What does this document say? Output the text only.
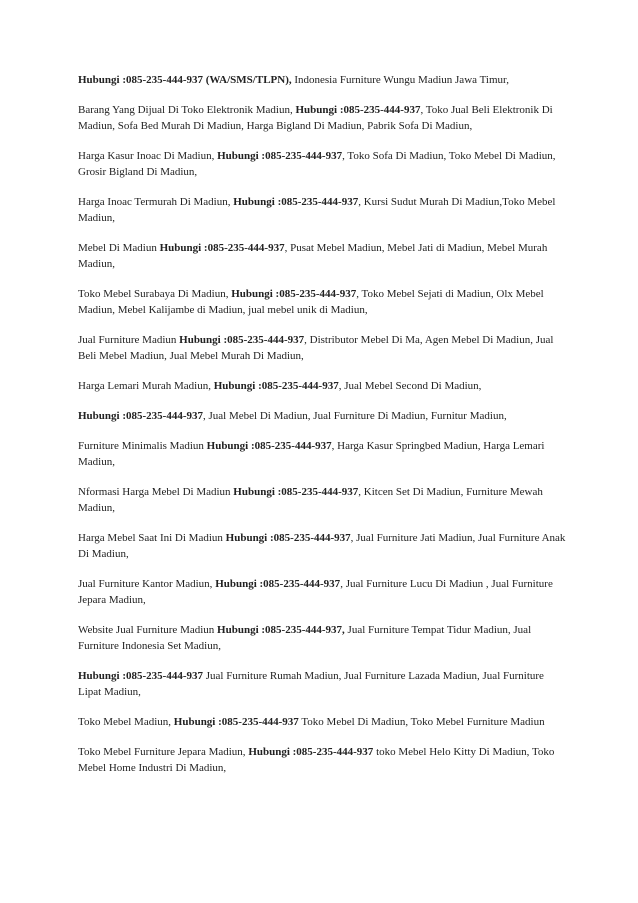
Hubungi :085-235-444-937 (WA/SMS/TLPN), Indonesia Furniture Wungu Madiun Jawa Timur,

Barang Yang Dijual Di Toko Elektronik Madiun, Hubungi :085-235-444-937, Toko Jual Beli Elektronik Di Madiun, Sofa Bed Murah Di Madiun, Harga Bigland Di Madiun, Pabrik Sofa Di Madiun,

Harga Kasur Inoac Di Madiun, Hubungi :085-235-444-937, Toko Sofa Di Madiun, Toko Mebel Di Madiun, Grosir Bigland Di Madiun,

Harga Inoac Termurah Di Madiun, Hubungi :085-235-444-937, Kursi Sudut Murah Di Madiun,Toko Mebel Madiun,

Mebel Di Madiun Hubungi :085-235-444-937, Pusat Mebel Madiun, Mebel Jati di Madiun, Mebel Murah Madiun,

Toko Mebel Surabaya Di Madiun, Hubungi :085-235-444-937, Toko Mebel Sejati di Madiun, Olx Mebel Madiun, Mebel Kalijambe di Madiun, jual mebel unik di Madiun,

Jual Furniture Madiun Hubungi :085-235-444-937, Distributor Mebel Di Ma, Agen Mebel Di Madiun, Jual Beli Mebel Madiun, Jual Mebel Murah Di Madiun,

Harga Lemari Murah Madiun, Hubungi :085-235-444-937, Jual Mebel Second Di Madiun,

Hubungi :085-235-444-937, Jual Mebel Di Madiun, Jual Furniture Di Madiun, Furnitur Madiun,

Furniture Minimalis Madiun Hubungi :085-235-444-937, Harga Kasur Springbed Madiun, Harga Lemari Madiun,

Nformasi Harga Mebel Di Madiun Hubungi :085-235-444-937, Kitcen Set Di Madiun, Furniture Mewah Madiun,

Harga Mebel Saat Ini Di Madiun Hubungi :085-235-444-937, Jual Furniture Jati Madiun, Jual Furniture Anak Di Madiun,

Jual Furniture Kantor Madiun, Hubungi :085-235-444-937, Jual Furniture Lucu Di Madiun , Jual Furniture Jepara Madiun,

Website Jual Furniture Madiun Hubungi :085-235-444-937, Jual Furniture Tempat Tidur Madiun, Jual Furniture Indonesia Set Madiun,

Hubungi :085-235-444-937 Jual Furniture Rumah Madiun, Jual Furniture Lazada Madiun, Jual Furniture Lipat Madiun,

Toko Mebel Madiun, Hubungi :085-235-444-937 Toko Mebel Di Madiun, Toko Mebel Furniture Madiun

Toko Mebel Furniture Jepara Madiun, Hubungi :085-235-444-937 toko Mebel Helo Kitty Di Madiun, Toko Mebel Home Industri Di Madiun,
